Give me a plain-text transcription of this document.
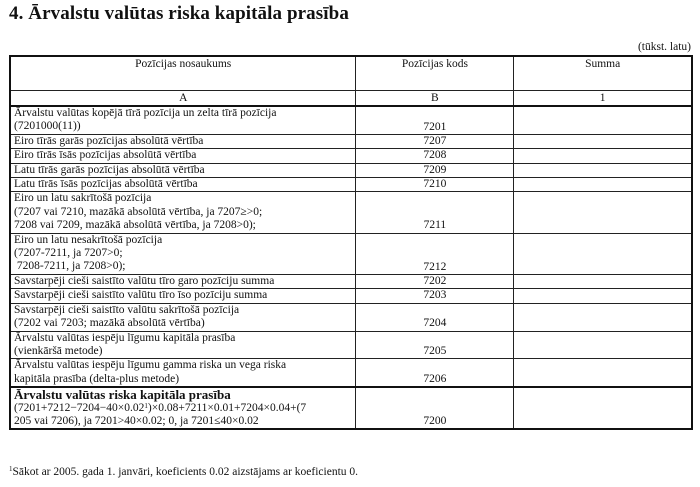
4. Ārvalstu valūtas riska kapitāla prasība
(tūkst. latu)
Pozīcijas nosaukums	Pozīcijas kods	Summa
A	B	1

Ārvalstu valūtas kopējā tīrā pozīcija un zelta tīrā pozīcija
(7201000(11))	7201	

Eiro tīrās garās pozīcijas absolūtā vērtība	7207	

Eiro tīrās īsās pozīcijas absolūtā vērtība	7208	

Latu tīrās garās pozīcijas absolūtā vērtība	7209	

Latu tīrās īsās pozīcijas absolūtā vērtība	7210	

Eiro un latu sakrītošā pozīcija
(7207 vai 7210, mazākā absolūtā vērtība, ja 7207≥>0;
7208 vai 7209, mazākā absolūtā vērtība, ja 7208>0);	7211	

Eiro un latu nesakrītošā pozīcija
(7207-7211, ja 7207>0;
7208-7211, ja 7208>0);	7212	

Savstarpēji cieši saistīto valūtu tīro garo pozīciju summa	7202	

Savstarpēji cieši saistīto valūtu tīro īso pozīciju summa	7203	

Savstarpēji cieši saistīto valūtu sakrītošā pozīcija
(7202 vai 7203; mazākā absolūtā vērtība)	7204	

Ārvalstu valūtas iespēju līgumu kapitāla prasība
(vienkāršā metode)	7205	

Ārvalstu valūtas iespēju līgumu gamma riska un vega riska
kapitāla prasība (delta-plus metode)	7206	

Ārvalstu valūtas riska kapitāla prasība
$(7201+7212-7204-40\times 0.02^1)\times 0.08+7211\times 0.01+7204\times 0.04+(7$
205 vai 7206), ja 7201>40×0.02; 0, ja 7201≤40×0.02	7200	
$^1$Sākot ar 2005. gada 1. janvāri, koeficients 0.02 aizstājams ar koeficientu 0.
